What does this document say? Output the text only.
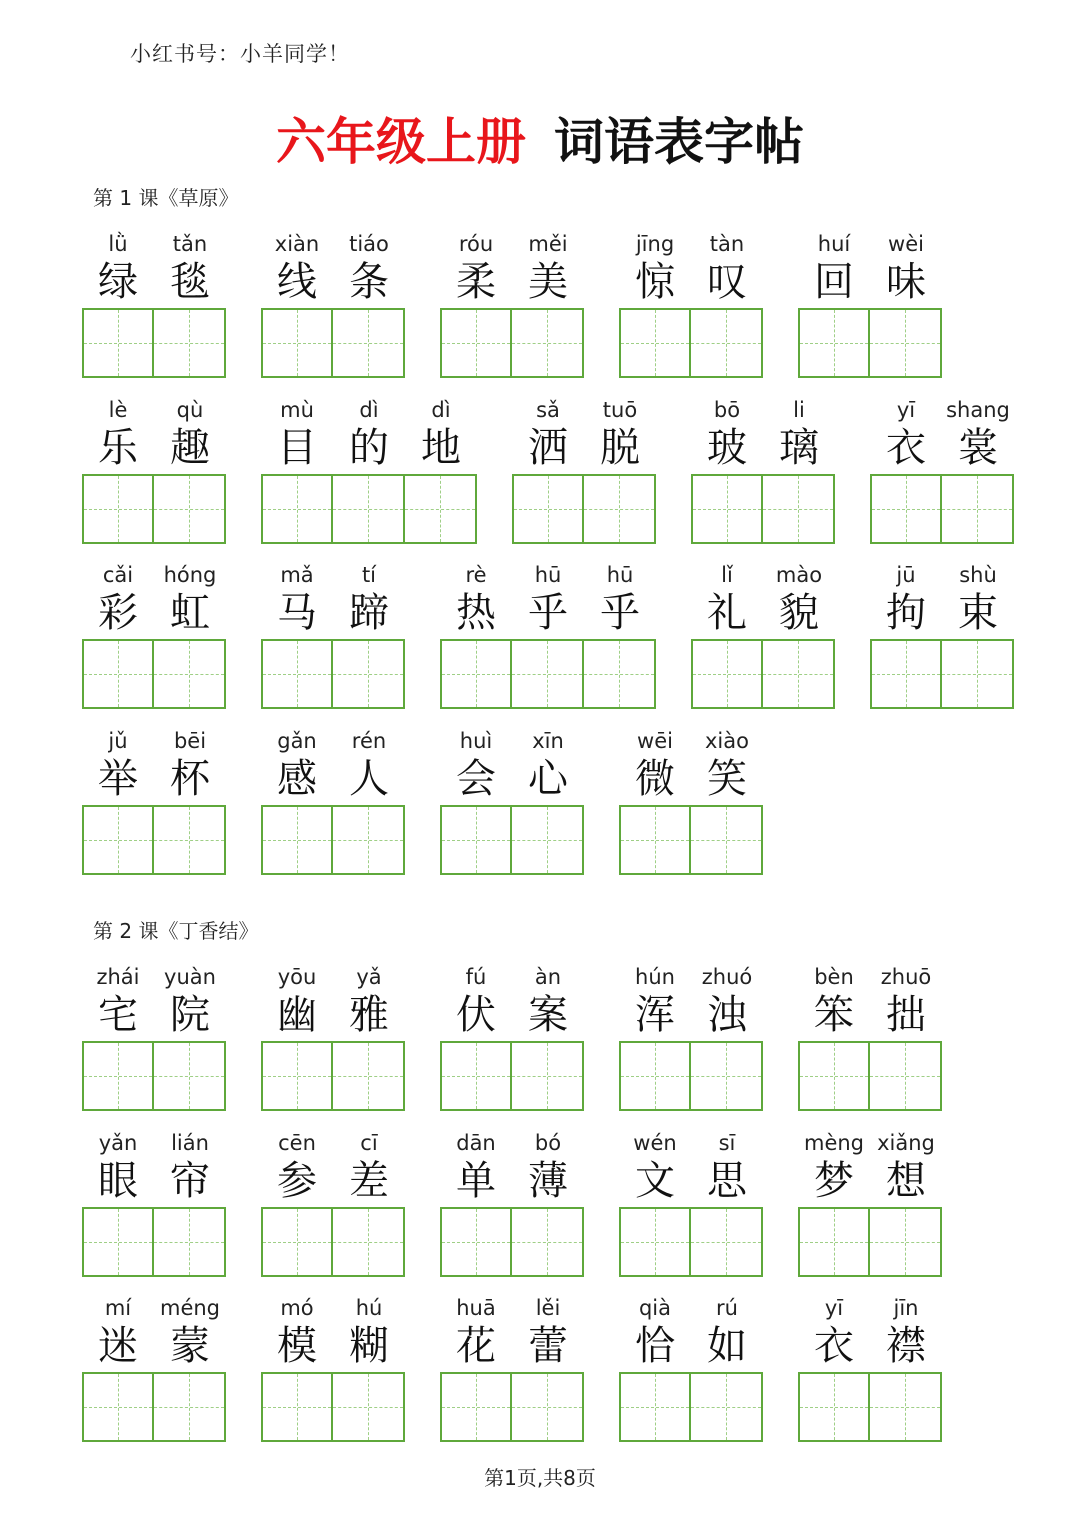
小红书号：小羊同学！
六年级上册 词语表字帖
第 1 课《草原》
lǜ
绿
tǎn
毯
xiàn
线
tiáo
条
róu
柔
měi
美
jīng
惊
tàn
叹
huí
回
wèi
味
lè
乐
qù
趣
mù
目
dì
的
dì
地
sǎ
洒
tuō
脱
bō
玻
li
璃
yī
衣
shang
裳
cǎi
彩
hóng
虹
mǎ
马
tí
蹄
rè
热
hū
乎
hū
乎
lǐ
礼
mào
貌
jū
拘
shù
束
jǔ
举
bēi
杯
gǎn
感
rén
人
huì
会
xīn
心
wēi
微
xiào
笑
第 2 课《丁香结》
zhái
宅
yuàn
院
yōu
幽
yǎ
雅
fú
伏
àn
案
hún
浑
zhuó
浊
bèn
笨
zhuō
拙
yǎn
眼
lián
帘
cēn
参
cī
差
dān
单
bó
薄
wén
文
sī
思
mèng
梦
xiǎng
想
mí
迷
méng
蒙
mó
模
hú
糊
huā
花
lěi
蕾
qià
恰
rú
如
yī
衣
jīn
襟
第1页,共8页
